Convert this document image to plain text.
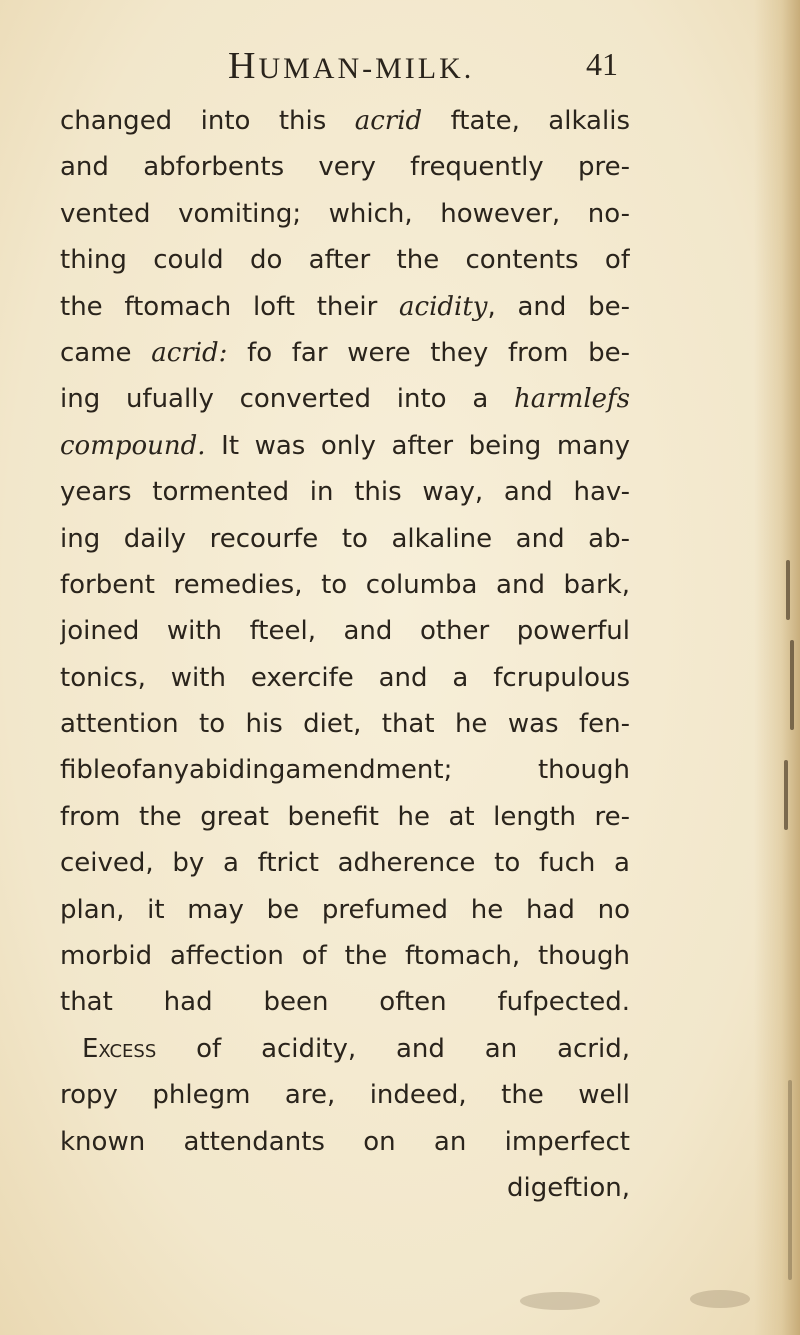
HUMAN-MILK.	41
changed into this acrid ftate, alkalis
and abforbents very frequently pre-
vented vomiting; which, however, no-
thing could do after the contents of
the ftomach loft their acidity, and be-
came acrid: fo far were they from be-
ing ufually converted into a harmlefs
compound. It was only after being many
years tormented in this way, and hav-
ing daily recourfe to alkaline and ab-
forbent remedies, to columba and bark,
joined with fteel, and other powerful
tonics, with exercife and a fcrupulous
attention to his diet, that he was fen-
fibleofanyabidingamendment; though
from the great benefit he at length re-
ceived, by a ftrict adherence to fuch a
plan, it may be prefumed he had no
morbid affection of the ftomach, though
that had been often fufpected.
Excess of acidity, and an acrid,
ropy phlegm are, indeed, the well
known attendants on an imperfect
digeftion,
